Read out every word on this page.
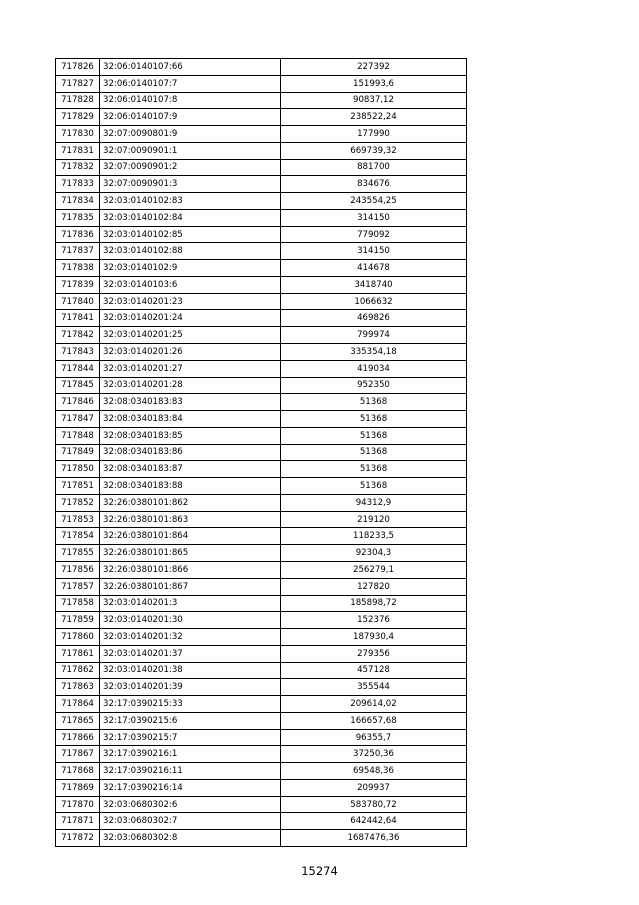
717826	32:06:0140107:66	227392
717827	32:06:0140107:7	151993,6
717828	32:06:0140107:8	90837,12
717829	32:06:0140107:9	238522,24
717830	32:07:0090801:9	177990
717831	32:07:0090901:1	669739,32
717832	32:07:0090901:2	881700
717833	32:07:0090901:3	834676
717834	32:03:0140102:83	243554,25
717835	32:03:0140102:84	314150
717836	32:03:0140102:85	779092
717837	32:03:0140102:88	314150
717838	32:03:0140102:9	414678
717839	32:03:0140103:6	3418740
717840	32:03:0140201:23	1066632
717841	32:03:0140201:24	469826
717842	32:03:0140201:25	799974
717843	32:03:0140201:26	335354,18
717844	32:03:0140201:27	419034
717845	32:03:0140201:28	952350
717846	32:08:0340183:83	51368
717847	32:08:0340183:84	51368
717848	32:08:0340183:85	51368
717849	32:08:0340183:86	51368
717850	32:08:0340183:87	51368
717851	32:08:0340183:88	51368
717852	32:26:0380101:862	94312,9
717853	32:26:0380101:863	219120
717854	32:26:0380101:864	118233,5
717855	32:26:0380101:865	92304,3
717856	32:26:0380101:866	256279,1
717857	32:26:0380101:867	127820
717858	32:03:0140201:3	185898,72
717859	32:03:0140201:30	152376
717860	32:03:0140201:32	187930,4
717861	32:03:0140201:37	279356
717862	32:03:0140201:38	457128
717863	32:03:0140201:39	355544
717864	32:17:0390215:33	209614,02
717865	32:17:0390215:6	166657,68
717866	32:17:0390215:7	96355,7
717867	32:17:0390216:1	37250,36
717868	32:17:0390216:11	69548,36
717869	32:17:0390216:14	209937
717870	32:03:0680302:6	583780,72
717871	32:03:0680302:7	642442,64
717872	32:03:0680302:8	1687476,36
15274
